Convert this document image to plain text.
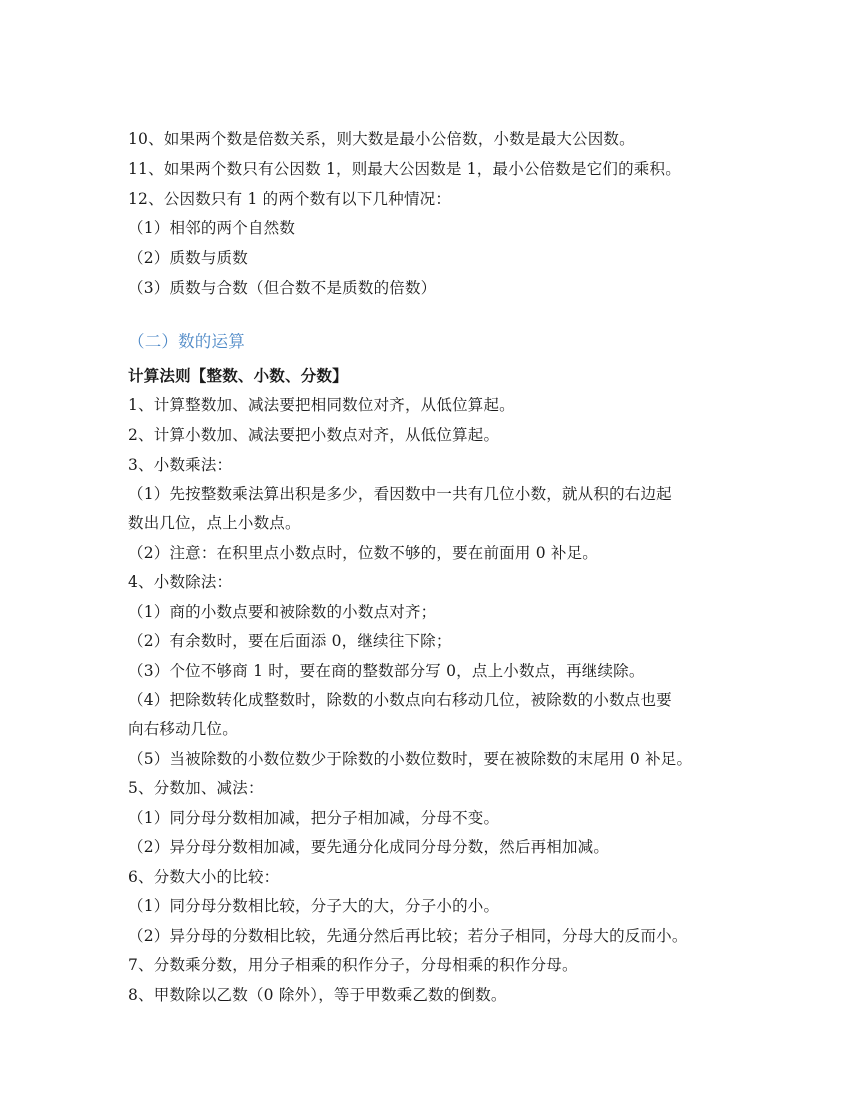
10、如果两个数是倍数关系，则大数是最小公倍数，小数是最大公因数。
11、如果两个数只有公因数 1，则最大公因数是 1，最小公倍数是它们的乘积。
12、公因数只有 1 的两个数有以下几种情况：
（1）相邻的两个自然数
（2）质数与质数
（3）质数与合数（但合数不是质数的倍数）
（二）数的运算
计算法则【整数、小数、分数】
1、计算整数加、减法要把相同数位对齐，从低位算起。
2、计算小数加、减法要把小数点对齐，从低位算起。
3、小数乘法：
（1）先按整数乘法算出积是多少，看因数中一共有几位小数，就从积的右边起
数出几位，点上小数点。
（2）注意：在积里点小数点时，位数不够的，要在前面用 0 补足。
4、小数除法：
（1）商的小数点要和被除数的小数点对齐；
（2）有余数时，要在后面添 0，继续往下除；
（3）个位不够商 1 时，要在商的整数部分写 0，点上小数点，再继续除。
（4）把除数转化成整数时，除数的小数点向右移动几位，被除数的小数点也要
向右移动几位。
（5）当被除数的小数位数少于除数的小数位数时，要在被除数的末尾用 0 补足。
5、分数加、减法：
（1）同分母分数相加减，把分子相加减，分母不变。
（2）异分母分数相加减，要先通分化成同分母分数，然后再相加减。
6、分数大小的比较：
（1）同分母分数相比较，分子大的大，分子小的小。
（2）异分母的分数相比较，先通分然后再比较；若分子相同，分母大的反而小。
7、分数乘分数，用分子相乘的积作分子，分母相乘的积作分母。
8、甲数除以乙数（0 除外），等于甲数乘乙数的倒数。
